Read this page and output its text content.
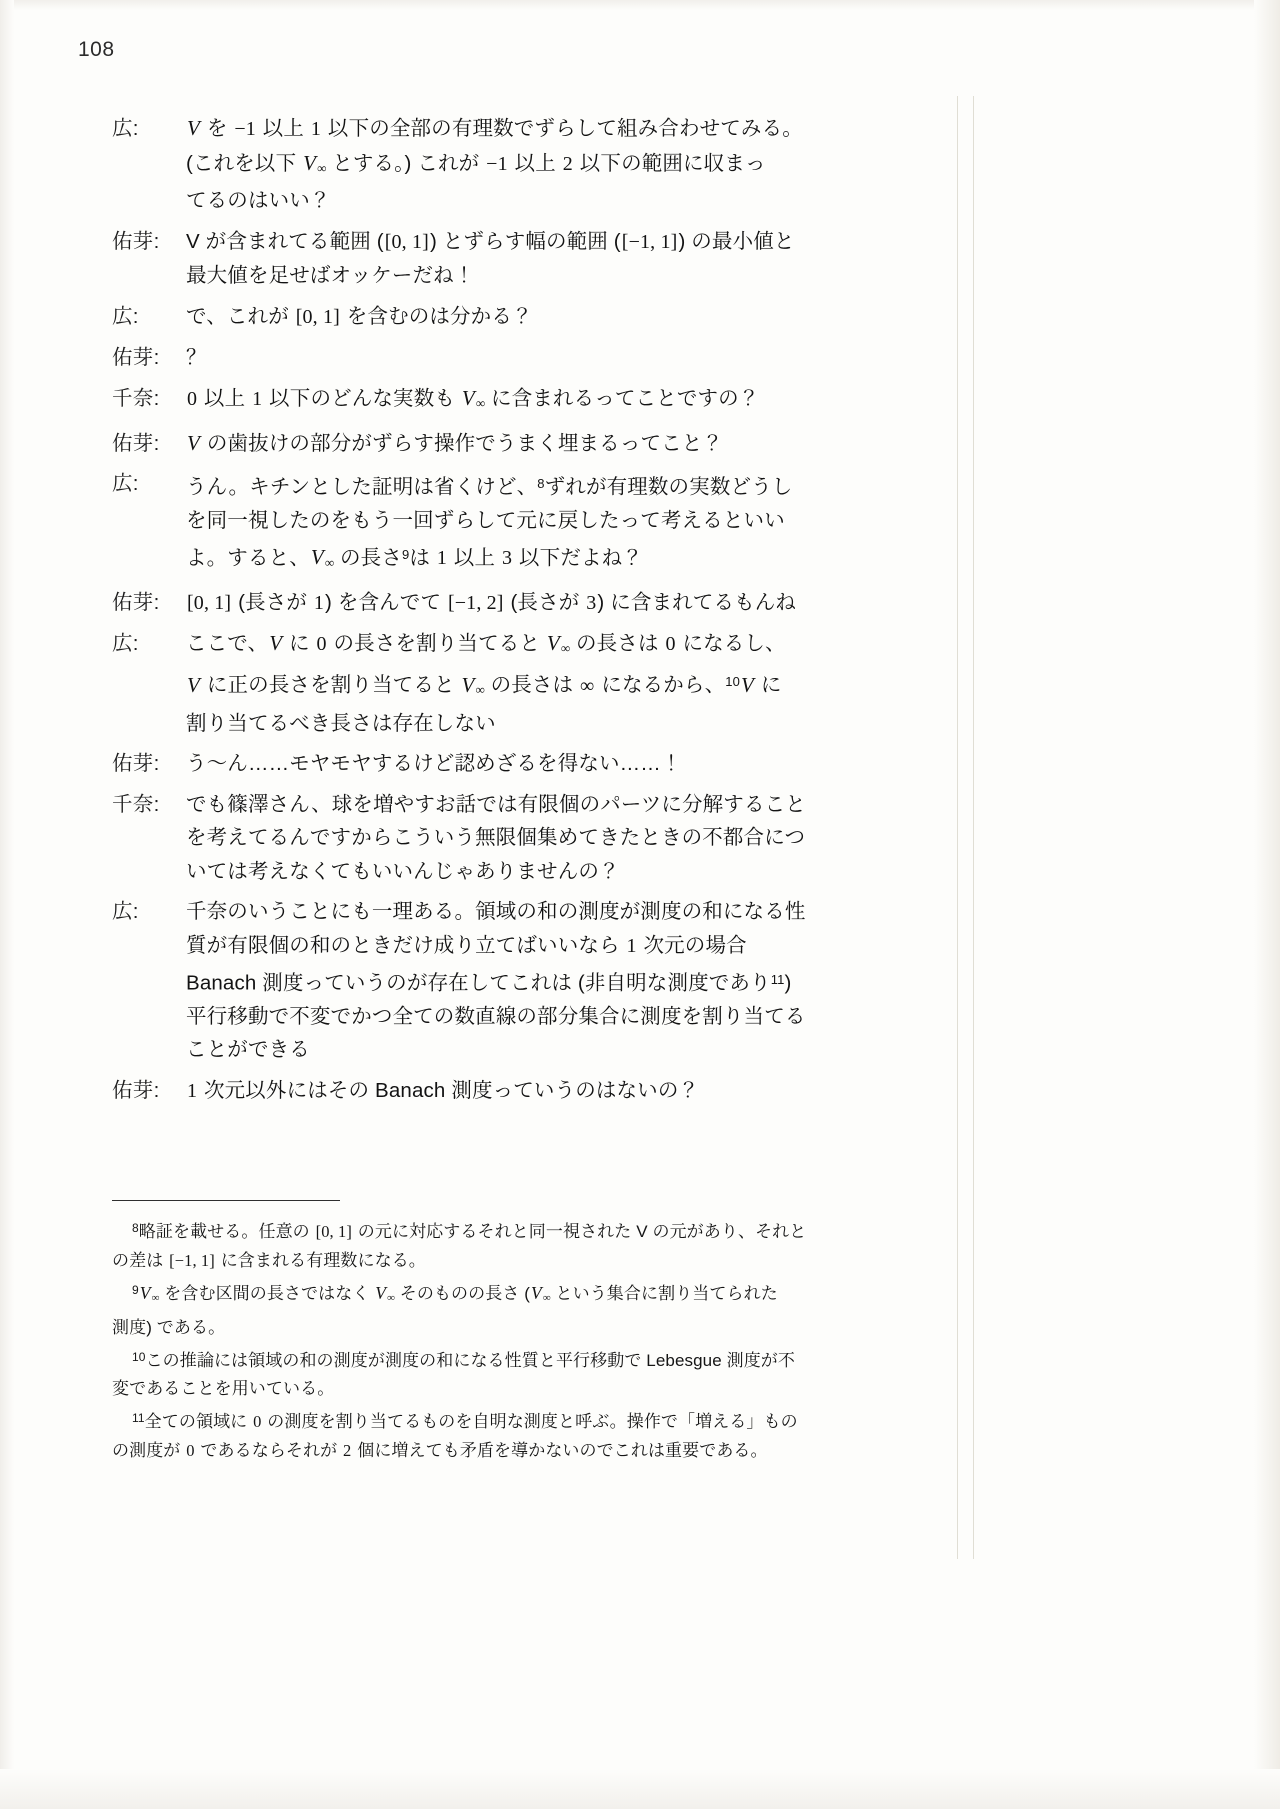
108
広:	V を −1 以上 1 以下の全部の有理数でずらして組み合わせてみる。
(これを以下 V∞ とする。) これが −1 以上 2 以下の範囲に収まっ
てるのはいい？
佑芽:	V が含まれてる範囲 ([0, 1]) とずらす幅の範囲 ([−1, 1]) の最小値と
最大値を足せばオッケーだね！
広:	で、これが [0, 1] を含むのは分かる？
佑芽:	？
千奈:	0 以上 1 以下のどんな実数も V∞ に含まれるってことですの？
佑芽:	V の歯抜けの部分がずらす操作でうまく埋まるってこと？
広:	うん。キチンとした証明は省くけど、$^8$ずれが有理数の実数どうし
を同一視したのをもう一回ずらして元に戻したって考えるといい
よ。すると、V∞ の長さ$^9$は 1 以上 3 以下だよね？
佑芽:	[0, 1] (長さが 1) を含んでて [−1, 2] (長さが 3) に含まれてるもんね
広:	ここで、V に 0 の長さを割り当てると V∞ の長さは 0 になるし、
V に正の長さを割り当てると V∞ の長さは ∞ になるから、$^{10}$V に
割り当てるべき長さは存在しない
佑芽:	う〜ん……モヤモヤするけど認めざるを得ない……！
千奈:	でも篠澤さん、球を増やすお話では有限個のパーツに分解すること
を考えてるんですからこういう無限個集めてきたときの不都合につ
いては考えなくてもいいんじゃありませんの？
広:	千奈のいうことにも一理ある。領域の和の測度が測度の和になる性
質が有限個の和のときだけ成り立てばいいなら 1 次元の場合
Banach 測度っていうのが存在してこれは (非自明な測度であり$^{11}$)
平行移動で不変でかつ全ての数直線の部分集合に測度を割り当てる
ことができる
佑芽:	1 次元以外にはその Banach 測度っていうのはないの？
$^8$略証を載せる。任意の [0, 1] の元に対応するそれと同一視された V の元があり、それと
の差は [−1, 1] に含まれる有理数になる。
$^9$V∞ を含む区間の長さではなく V∞ そのものの長さ (V∞ という集合に割り当てられた
測度) である。
$^{10}$この推論には領域の和の測度が測度の和になる性質と平行移動で Lebesgue 測度が不
変であることを用いている。
$^{11}$全ての領域に 0 の測度を割り当てるものを自明な測度と呼ぶ。操作で「増える」もの
の測度が 0 であるならそれが 2 個に増えても矛盾を導かないのでこれは重要である。
